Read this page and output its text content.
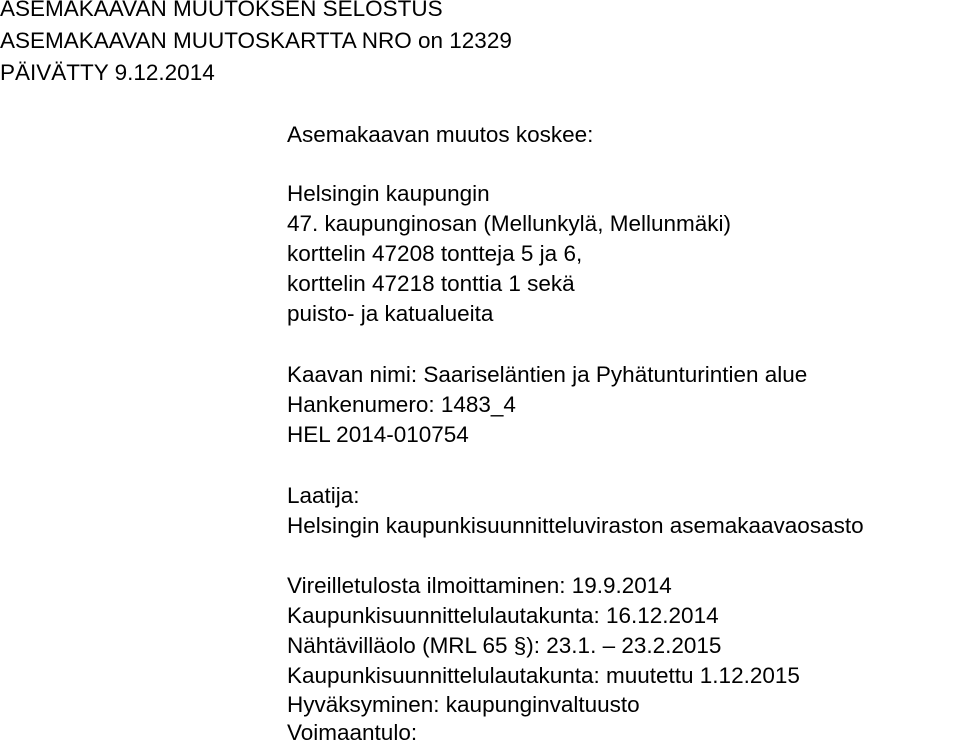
ASEMAKAAVAN MUUTOKSEN SELOSTUS

ASEMAKAAVAN MUUTOSKARTTA NRO on 12329

PÄIVÄTTY 9.12.2014

Asemakaavan muutos koskee:

Helsingin kaupungin

47. kaupunginosan (Mellunkylä, Mellunmäki)

korttelin 47208 tontteja 5 ja 6,

korttelin 47218 tonttia 1 sekä

puisto- ja katualueita

Kaavan nimi: Saariseläntien ja Pyhätunturintien alue

Hankenumero: 1483_4

HEL 2014-010754

Laatija:

Helsingin kaupunkisuunnitteluviraston asemakaavaosasto

Vireilletulosta ilmoittaminen: 19.9.2014

Kaupunkisuunnittelulautakunta: 16.12.2014

Nähtävilläolo (MRL 65 §): 23.1. – 23.2.2015

Kaupunkisuunnittelulautakunta: muutettu 1.12.2015

Hyväksyminen: kaupunginvaltuusto

Voimaantulo:
